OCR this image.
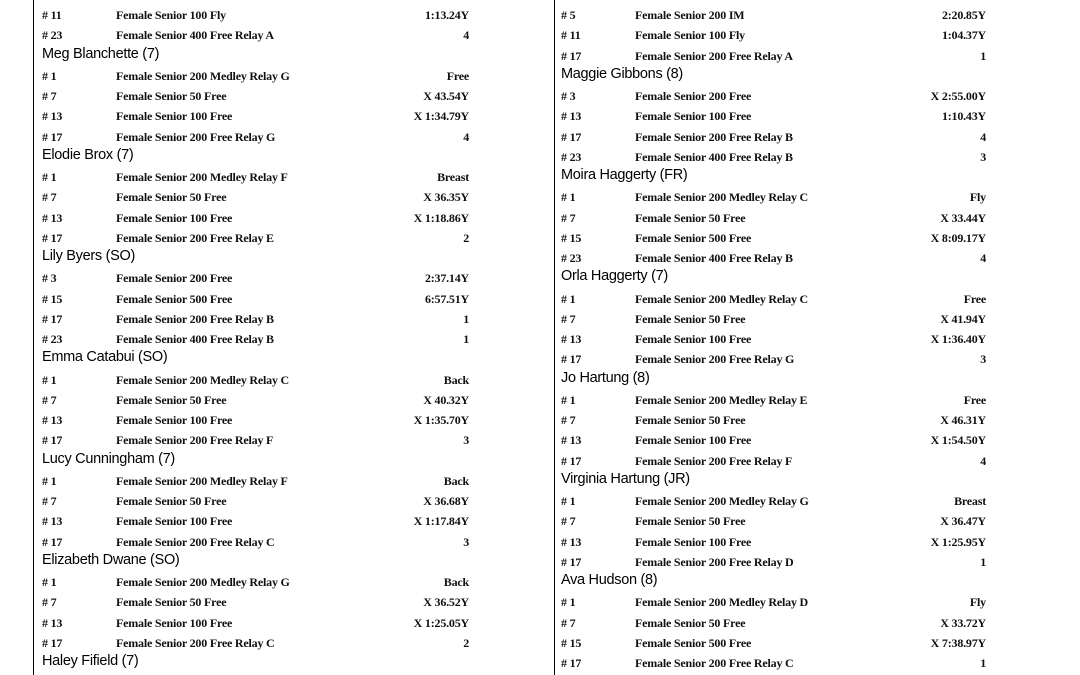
# 11	Female Senior 100 Fly	1:13.24Y
# 23	Female Senior 400 Free Relay A	4
Meg Blanchette (7)
# 1	Female Senior 200 Medley Relay G	Free
# 7	Female Senior 50 Free	X 43.54Y
# 13	Female Senior 100 Free	X 1:34.79Y
# 17	Female Senior 200 Free Relay G	4
Elodie Brox (7)
# 1	Female Senior 200 Medley Relay F	Breast
# 7	Female Senior 50 Free	X 36.35Y
# 13	Female Senior 100 Free	X 1:18.86Y
# 17	Female Senior 200 Free Relay E	2
Lily Byers (SO)
# 3	Female Senior 200 Free	2:37.14Y
# 15	Female Senior 500 Free	6:57.51Y
# 17	Female Senior 200 Free Relay B	1
# 23	Female Senior 400 Free Relay B	1
Emma Catabui (SO)
# 1	Female Senior 200 Medley Relay C	Back
# 7	Female Senior 50 Free	X 40.32Y
# 13	Female Senior 100 Free	X 1:35.70Y
# 17	Female Senior 200 Free Relay F	3
Lucy Cunningham (7)
# 1	Female Senior 200 Medley Relay F	Back
# 7	Female Senior 50 Free	X 36.68Y
# 13	Female Senior 100 Free	X 1:17.84Y
# 17	Female Senior 200 Free Relay C	3
Elizabeth Dwane (SO)
# 1	Female Senior 200 Medley Relay G	Back
# 7	Female Senior 50 Free	X 36.52Y
# 13	Female Senior 100 Free	X 1:25.05Y
# 17	Female Senior 200 Free Relay C	2
Haley Fifield (7)
# 5	Female Senior 200 IM	2:20.85Y
# 11	Female Senior 100 Fly	1:04.37Y
# 17	Female Senior 200 Free Relay A	1
Maggie Gibbons (8)
# 3	Female Senior 200 Free	X 2:55.00Y
# 13	Female Senior 100 Free	1:10.43Y
# 17	Female Senior 200 Free Relay B	4
# 23	Female Senior 400 Free Relay B	3
Moira Haggerty (FR)
# 1	Female Senior 200 Medley Relay C	Fly
# 7	Female Senior 50 Free	X 33.44Y
# 15	Female Senior 500 Free	X 8:09.17Y
# 23	Female Senior 400 Free Relay B	4
Orla Haggerty (7)
# 1	Female Senior 200 Medley Relay C	Free
# 7	Female Senior 50 Free	X 41.94Y
# 13	Female Senior 100 Free	X 1:36.40Y
# 17	Female Senior 200 Free Relay G	3
Jo Hartung (8)
# 1	Female Senior 200 Medley Relay E	Free
# 7	Female Senior 50 Free	X 46.31Y
# 13	Female Senior 100 Free	X 1:54.50Y
# 17	Female Senior 200 Free Relay F	4
Virginia Hartung (JR)
# 1	Female Senior 200 Medley Relay G	Breast
# 7	Female Senior 50 Free	X 36.47Y
# 13	Female Senior 100 Free	X 1:25.95Y
# 17	Female Senior 200 Free Relay D	1
Ava Hudson (8)
# 1	Female Senior 200 Medley Relay D	Fly
# 7	Female Senior 50 Free	X 33.72Y
# 15	Female Senior 500 Free	X 7:38.97Y
# 17	Female Senior 200 Free Relay C	1
